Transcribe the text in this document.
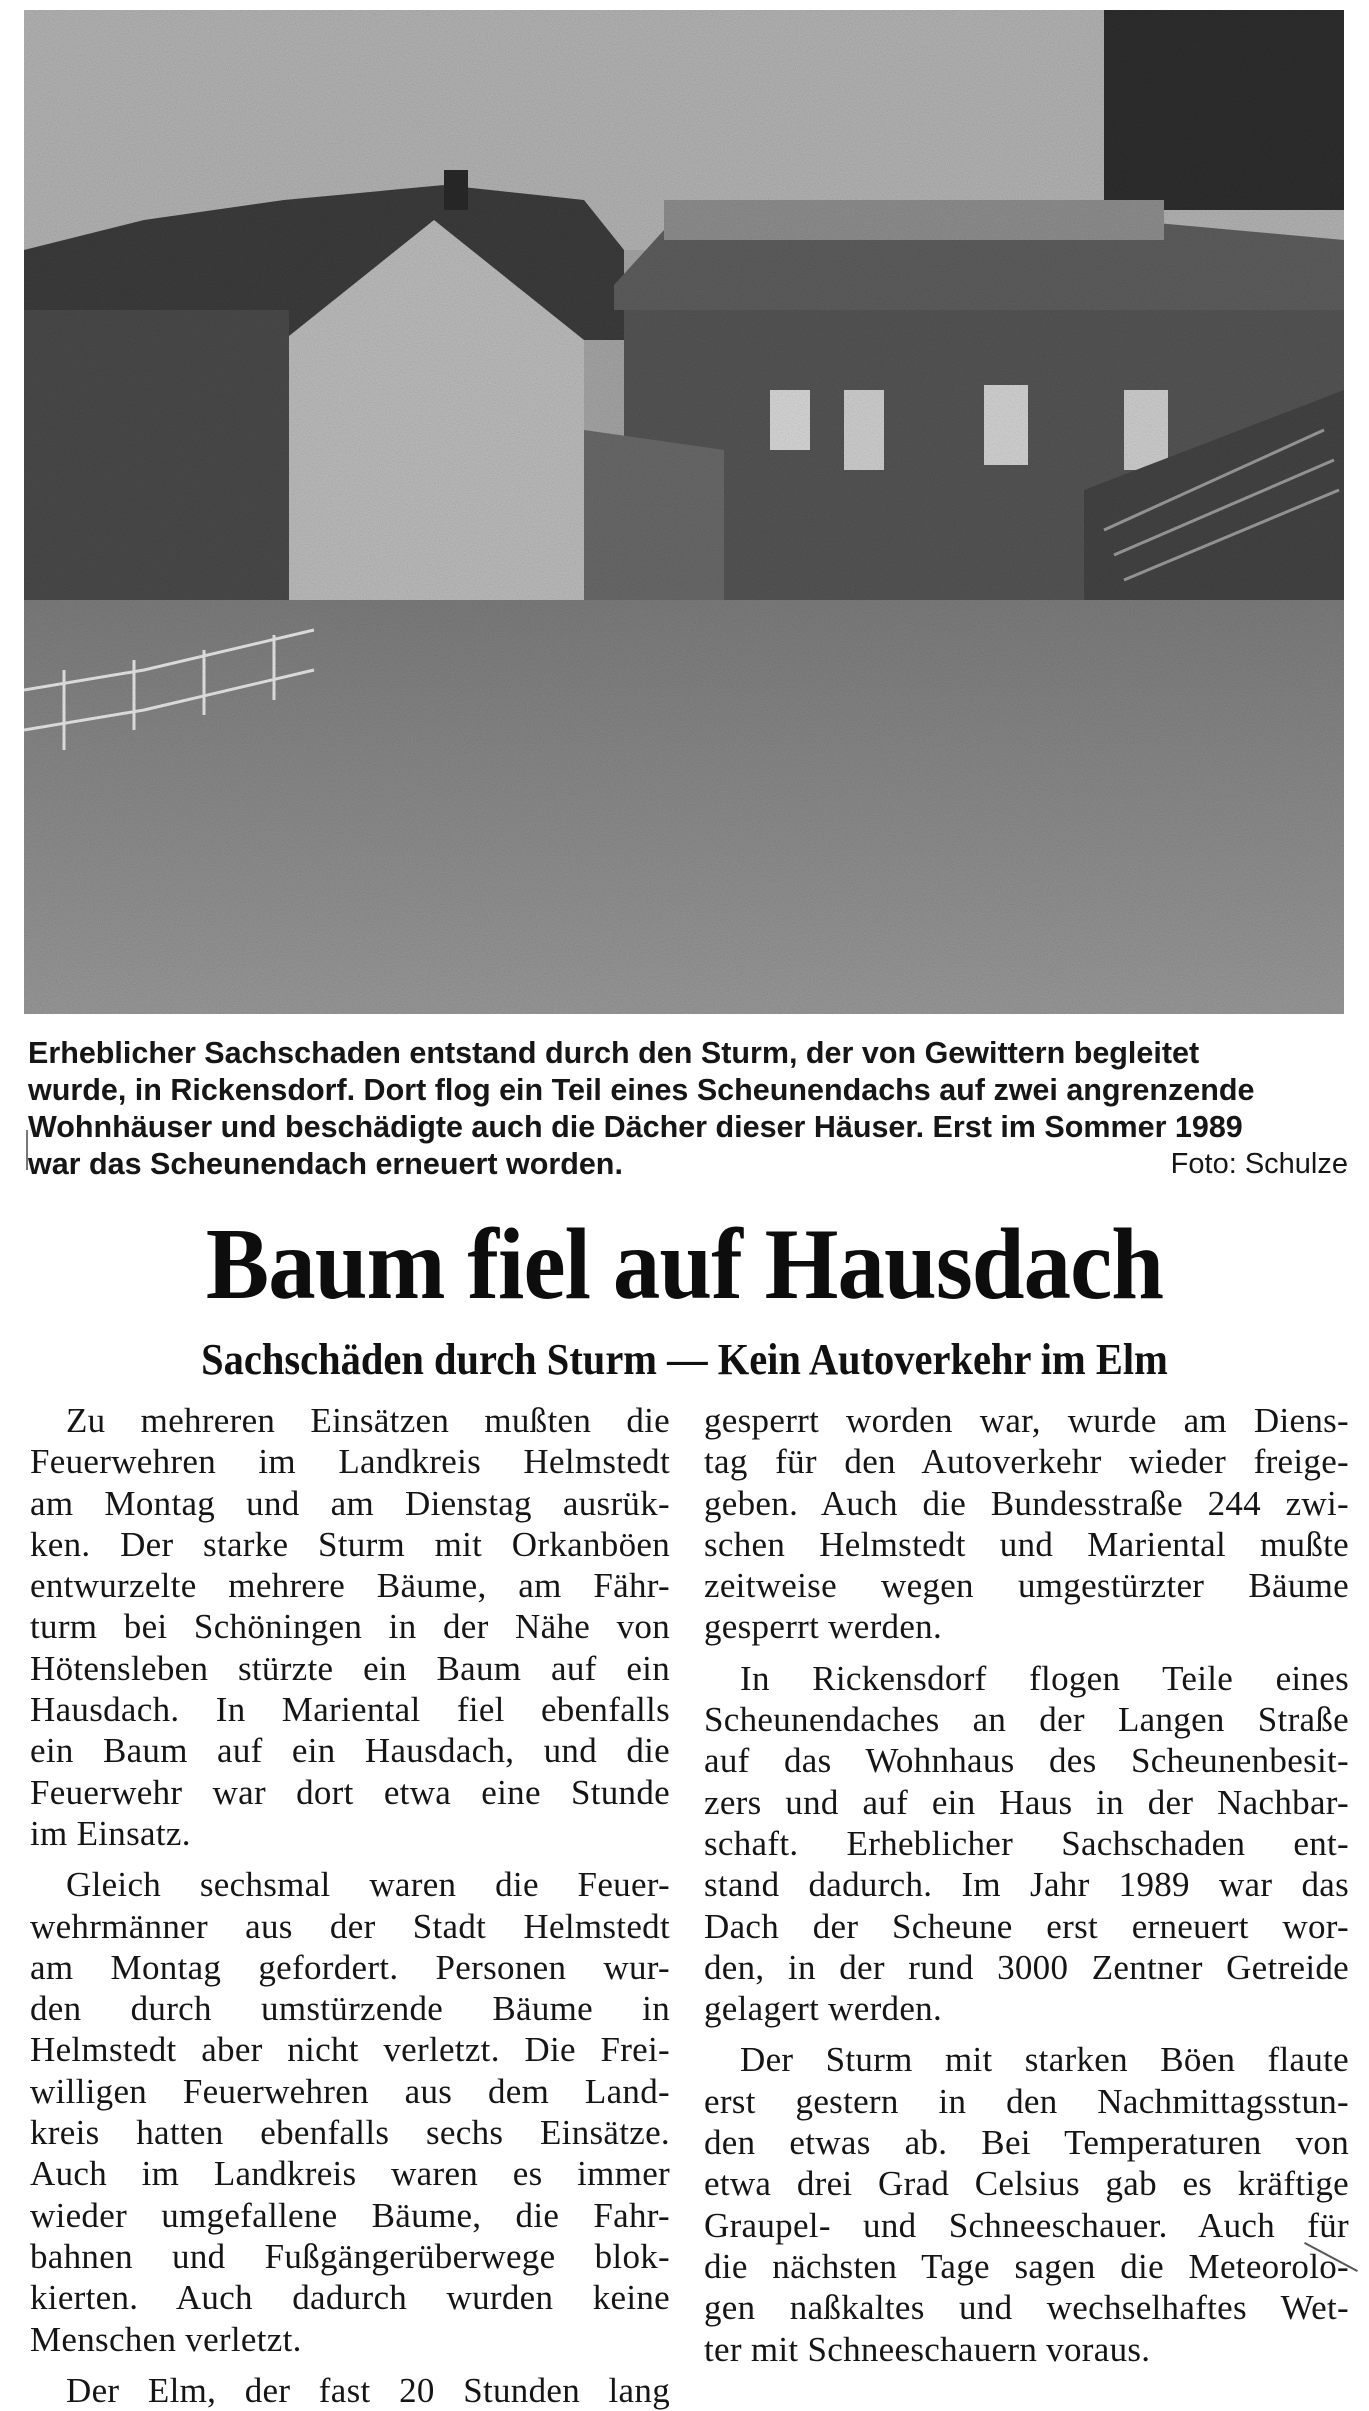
Erheblicher Sachschaden entstand durch den Sturm, der von Gewittern begleitet
wurde, in Rickensdorf. Dort flog ein Teil eines Scheunendachs auf zwei angrenzende
Wohnhäuser und beschädigte auch die Dächer dieser Häuser. Erst im Sommer 1989
war das Scheunendach erneuert worden.	Foto: Schulze
Baum fiel auf Hausdach
Sachschäden durch Sturm — Kein Autoverkehr im Elm
Zu mehreren Einsätzen mußten die
Feuerwehren im Landkreis Helmstedt
am Montag und am Dienstag ausrük-
ken. Der starke Sturm mit Orkanböen
entwurzelte mehrere Bäume, am Fähr-
turm bei Schöningen in der Nähe von
Hötensleben stürzte ein Baum auf ein
Hausdach. In Mariental fiel ebenfalls
ein Baum auf ein Hausdach, und die
Feuerwehr war dort etwa eine Stunde
im Einsatz.
Gleich sechsmal waren die Feuer-
wehrmänner aus der Stadt Helmstedt
am Montag gefordert. Personen wur-
den durch umstürzende Bäume in
Helmstedt aber nicht verletzt. Die Frei-
willigen Feuerwehren aus dem Land-
kreis hatten ebenfalls sechs Einsätze.
Auch im Landkreis waren es immer
wieder umgefallene Bäume, die Fahr-
bahnen und Fußgängerüberwege blok-
kierten. Auch dadurch wurden keine
Menschen verletzt.
Der Elm, der fast 20 Stunden lang
gesperrt worden war, wurde am Diens-
tag für den Autoverkehr wieder freige-
geben. Auch die Bundesstraße 244 zwi-
schen Helmstedt und Mariental mußte
zeitweise wegen umgestürzter Bäume
gesperrt werden.
In Rickensdorf flogen Teile eines
Scheunendaches an der Langen Straße
auf das Wohnhaus des Scheunenbesit-
zers und auf ein Haus in der Nachbar-
schaft. Erheblicher Sachschaden ent-
stand dadurch. Im Jahr 1989 war das
Dach der Scheune erst erneuert wor-
den, in der rund 3000 Zentner Getreide
gelagert werden.
Der Sturm mit starken Böen flaute
erst gestern in den Nachmittagsstun-
den etwas ab. Bei Temperaturen von
etwa drei Grad Celsius gab es kräftige
Graupel- und Schneeschauer. Auch für
die nächsten Tage sagen die Meteorolo-
gen naßkaltes und wechselhaftes Wet-
ter mit Schneeschauern voraus.
